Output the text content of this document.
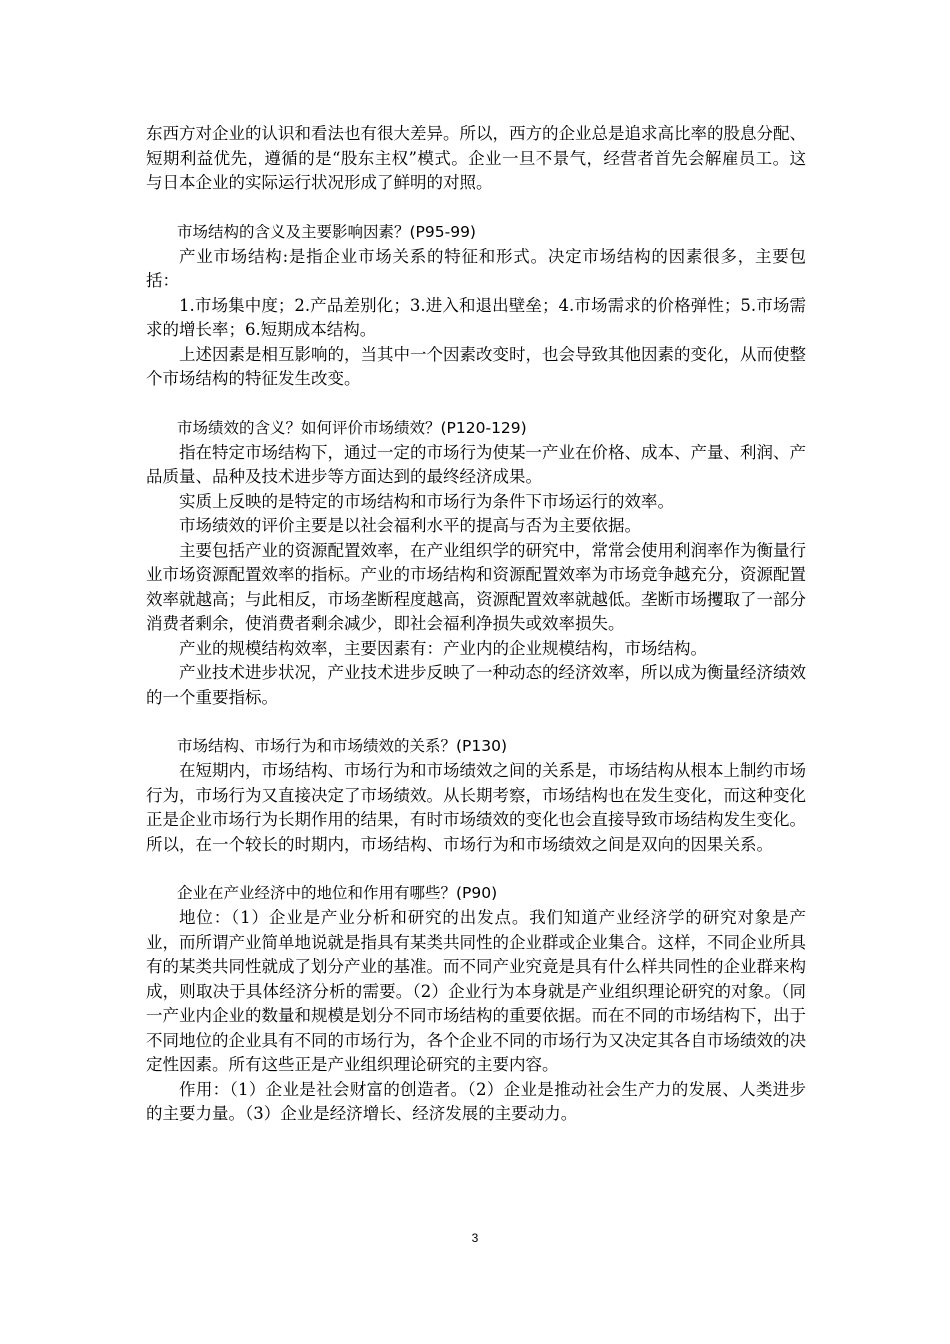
东西方对企业的认识和看法也有很大差异。所以，西方的企业总是追求高比率的股息分配、短期利益优先，遵循的是“股东主权”模式。企业一旦不景气，经营者首先会解雇员工。这与日本企业的实际运行状况形成了鲜明的对照。

市场结构的含义及主要影响因素？(P95-99)

产业市场结构:是指企业市场关系的特征和形式。决定市场结构的因素很多，主要包括：

1.市场集中度；2.产品差别化；3.进入和退出壁垒；4.市场需求的价格弹性；5.市场需求的增长率；6.短期成本结构。

上述因素是相互影响的，当其中一个因素改变时，也会导致其他因素的变化，从而使整个市场结构的特征发生改变。

市场绩效的含义？如何评价市场绩效？(P120-129)

指在特定市场结构下，通过一定的市场行为使某一产业在价格、成本、产量、利润、产品质量、品种及技术进步等方面达到的最终经济成果。

实质上反映的是特定的市场结构和市场行为条件下市场运行的效率。

市场绩效的评价主要是以社会福利水平的提高与否为主要依据。

主要包括产业的资源配置效率，在产业组织学的研究中，常常会使用利润率作为衡量行业市场资源配置效率的指标。产业的市场结构和资源配置效率为市场竞争越充分，资源配置效率就越高；与此相反，市场垄断程度越高，资源配置效率就越低。垄断市场攫取了一部分消费者剩余，使消费者剩余减少，即社会福利净损失或效率损失。

产业的规模结构效率，主要因素有：产业内的企业规模结构，市场结构。

产业技术进步状况，产业技术进步反映了一种动态的经济效率，所以成为衡量经济绩效的一个重要指标。

市场结构、市场行为和市场绩效的关系？(P130)

在短期内，市场结构、市场行为和市场绩效之间的关系是，市场结构从根本上制约市场行为，市场行为又直接决定了市场绩效。从长期考察，市场结构也在发生变化，而这种变化正是企业市场行为长期作用的结果，有时市场绩效的变化也会直接导致市场结构发生变化。所以，在一个较长的时期内，市场结构、市场行为和市场绩效之间是双向的因果关系。

企业在产业经济中的地位和作用有哪些？(P90)

地位：（1）企业是产业分析和研究的出发点。我们知道产业经济学的研究对象是产业，而所谓产业简单地说就是指具有某类共同性的企业群或企业集合。这样，不同企业所具有的某类共同性就成了划分产业的基准。而不同产业究竟是具有什么样共同性的企业群来构成，则取决于具体经济分析的需要。（2）企业行为本身就是产业组织理论研究的对象。（同一产业内企业的数量和规模是划分不同市场结构的重要依据。而在不同的市场结构下，出于不同地位的企业具有不同的市场行为，各个企业不同的市场行为又决定其各自市场绩效的决定性因素。所有这些正是产业组织理论研究的主要内容。

作用：（1）企业是社会财富的创造者。（2）企业是推动社会生产力的发展、人类进步的主要力量。（3）企业是经济增长、经济发展的主要动力。

3
